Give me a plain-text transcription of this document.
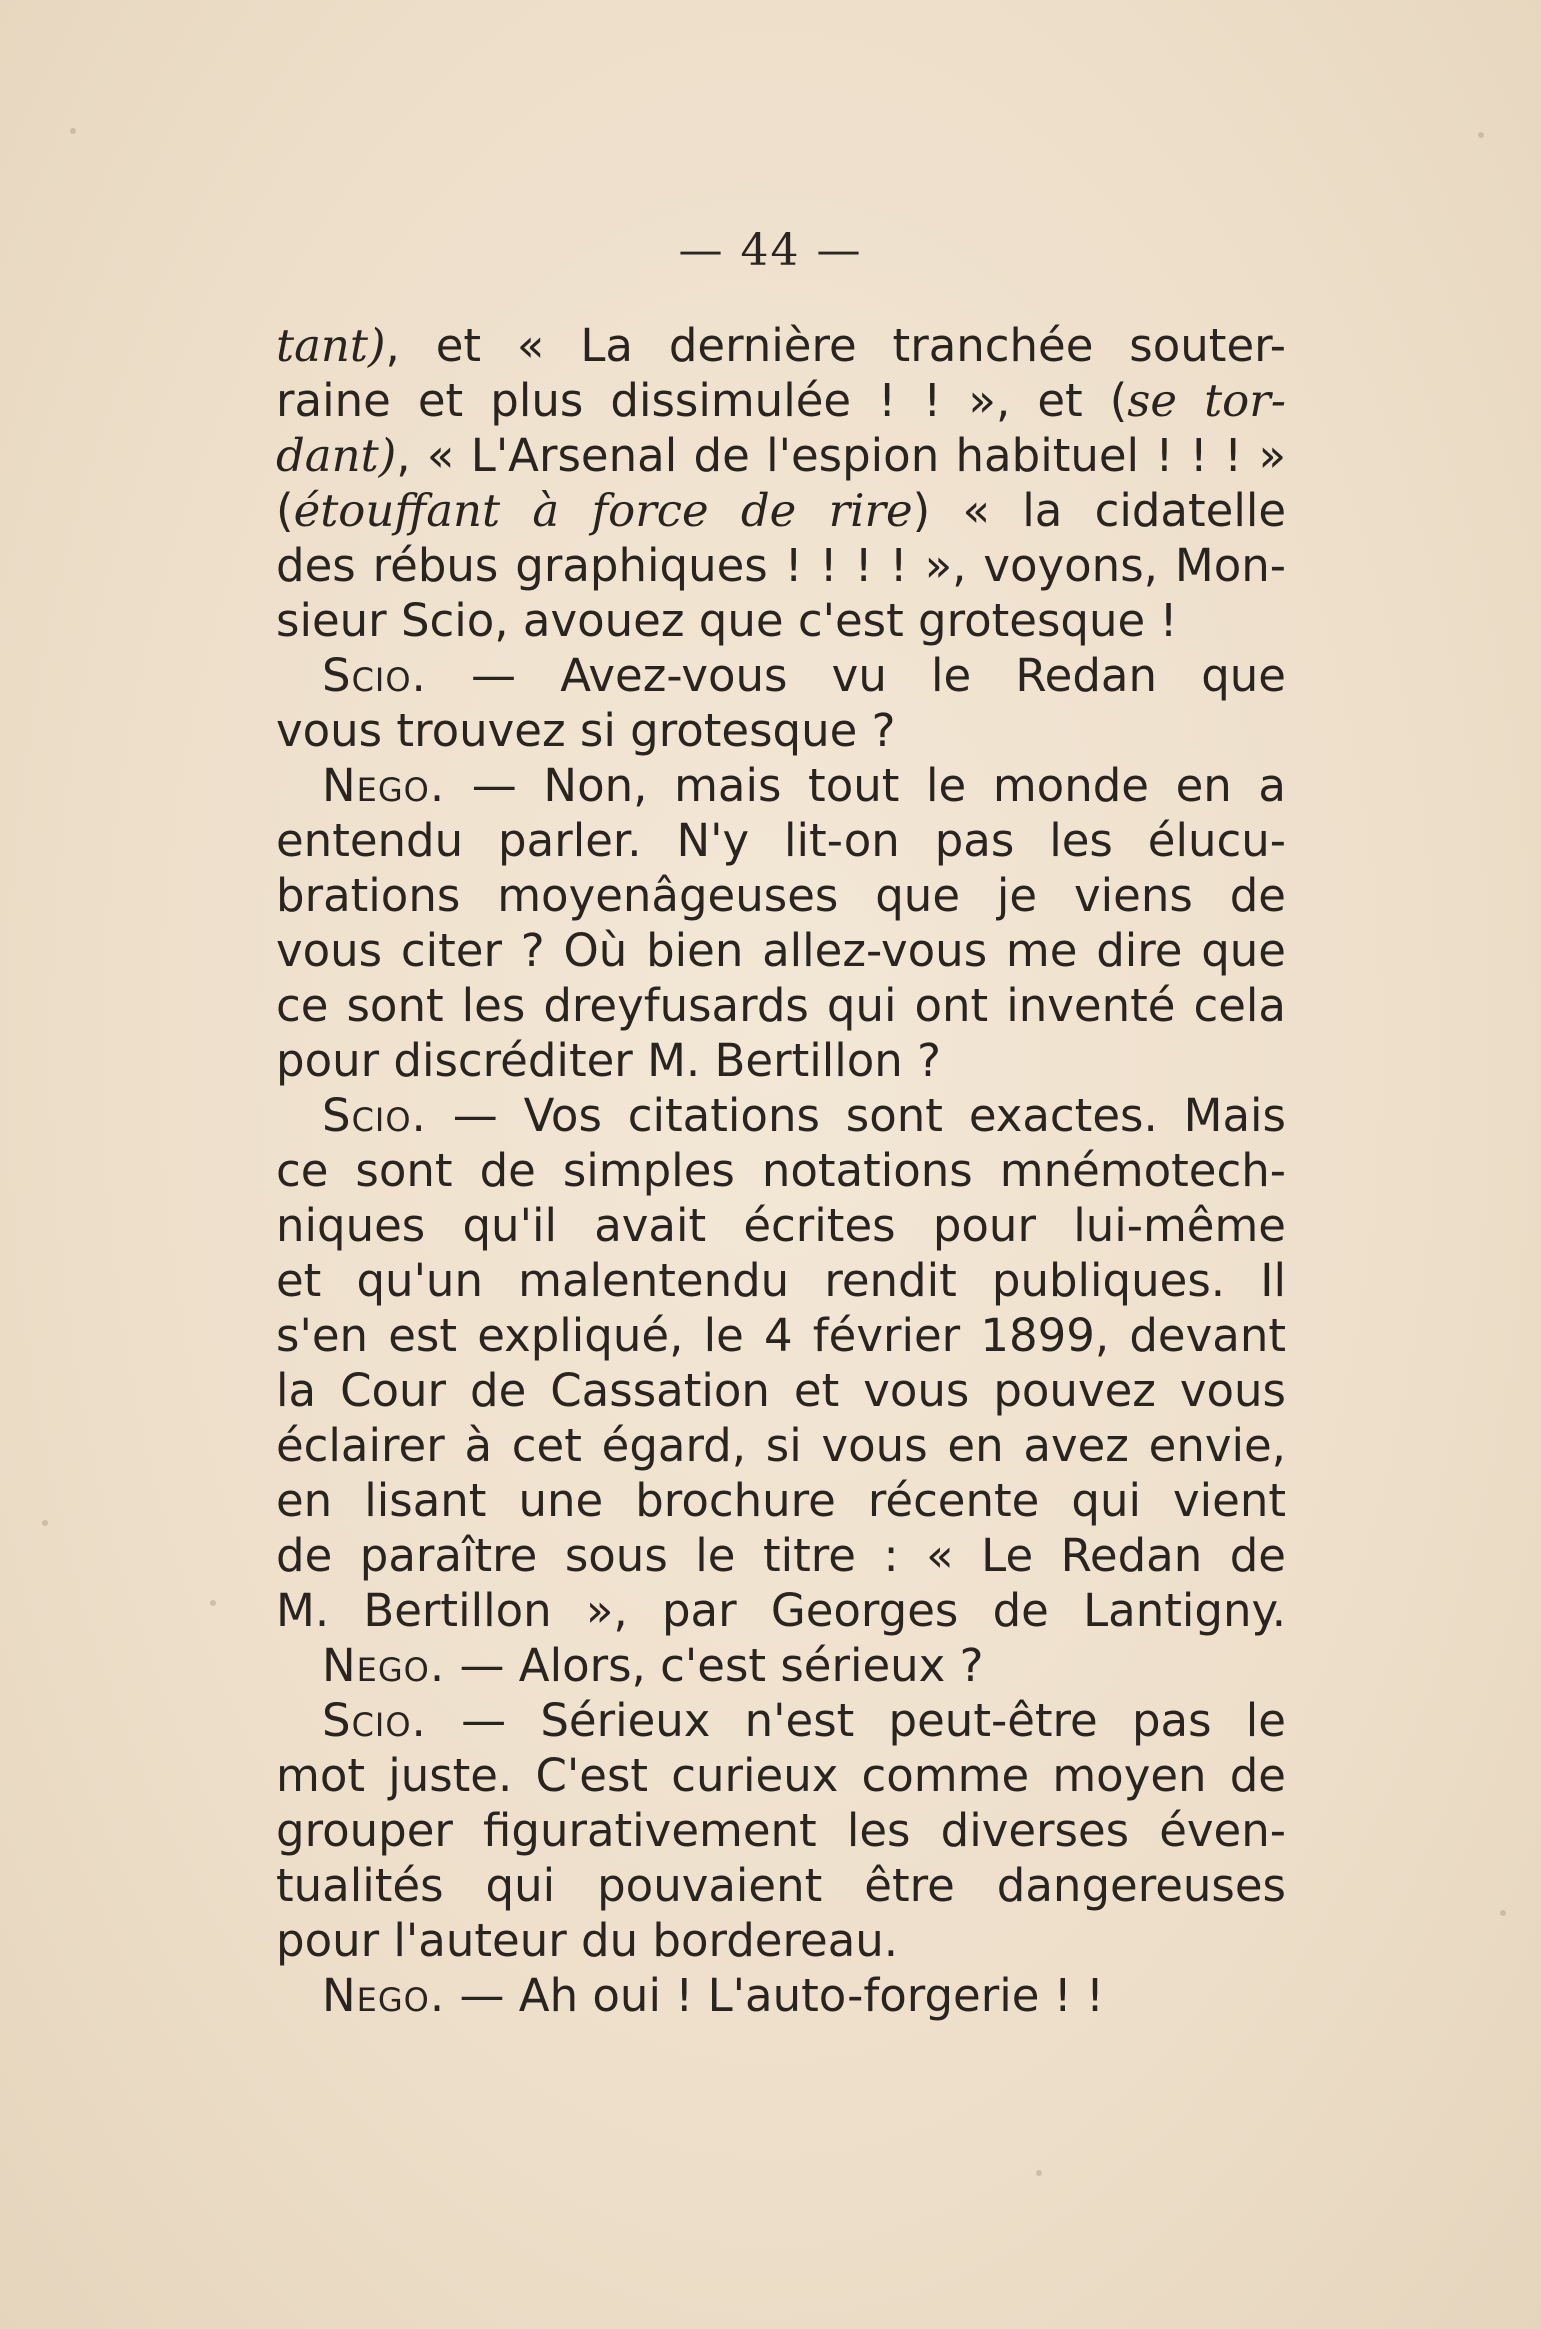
— 44 —
tant), et « La dernière tranchée souter-
raine et plus dissimulée ! ! », et (se tor-
dant), « L'Arsenal de l'espion habituel ! ! ! »
(étouffant à force de rire) « la cidatelle
des rébus graphiques ! ! ! ! », voyons, Mon-
sieur Scio, avouez que c'est grotesque !
Scio. — Avez-vous vu le Redan que
vous trouvez si grotesque ?
Nego. — Non, mais tout le monde en a
entendu parler. N'y lit-on pas les élucu-
brations moyenâgeuses que je viens de
vous citer ? Où bien allez-vous me dire que
ce sont les dreyfusards qui ont inventé cela
pour discréditer M. Bertillon ?
Scio. — Vos citations sont exactes. Mais
ce sont de simples notations mnémotech-
niques qu'il avait écrites pour lui-même
et qu'un malentendu rendit publiques. Il
s'en est expliqué, le 4 février 1899, devant
la Cour de Cassation et vous pouvez vous
éclairer à cet égard, si vous en avez envie,
en lisant une brochure récente qui vient
de paraître sous le titre : « Le Redan de
M. Bertillon », par Georges de Lantigny.
Nego. — Alors, c'est sérieux ?
Scio. — Sérieux n'est peut-être pas le
mot juste. C'est curieux comme moyen de
grouper figurativement les diverses éven-
tualités qui pouvaient être dangereuses
pour l'auteur du bordereau.
Nego. — Ah oui ! L'auto-forgerie ! !
